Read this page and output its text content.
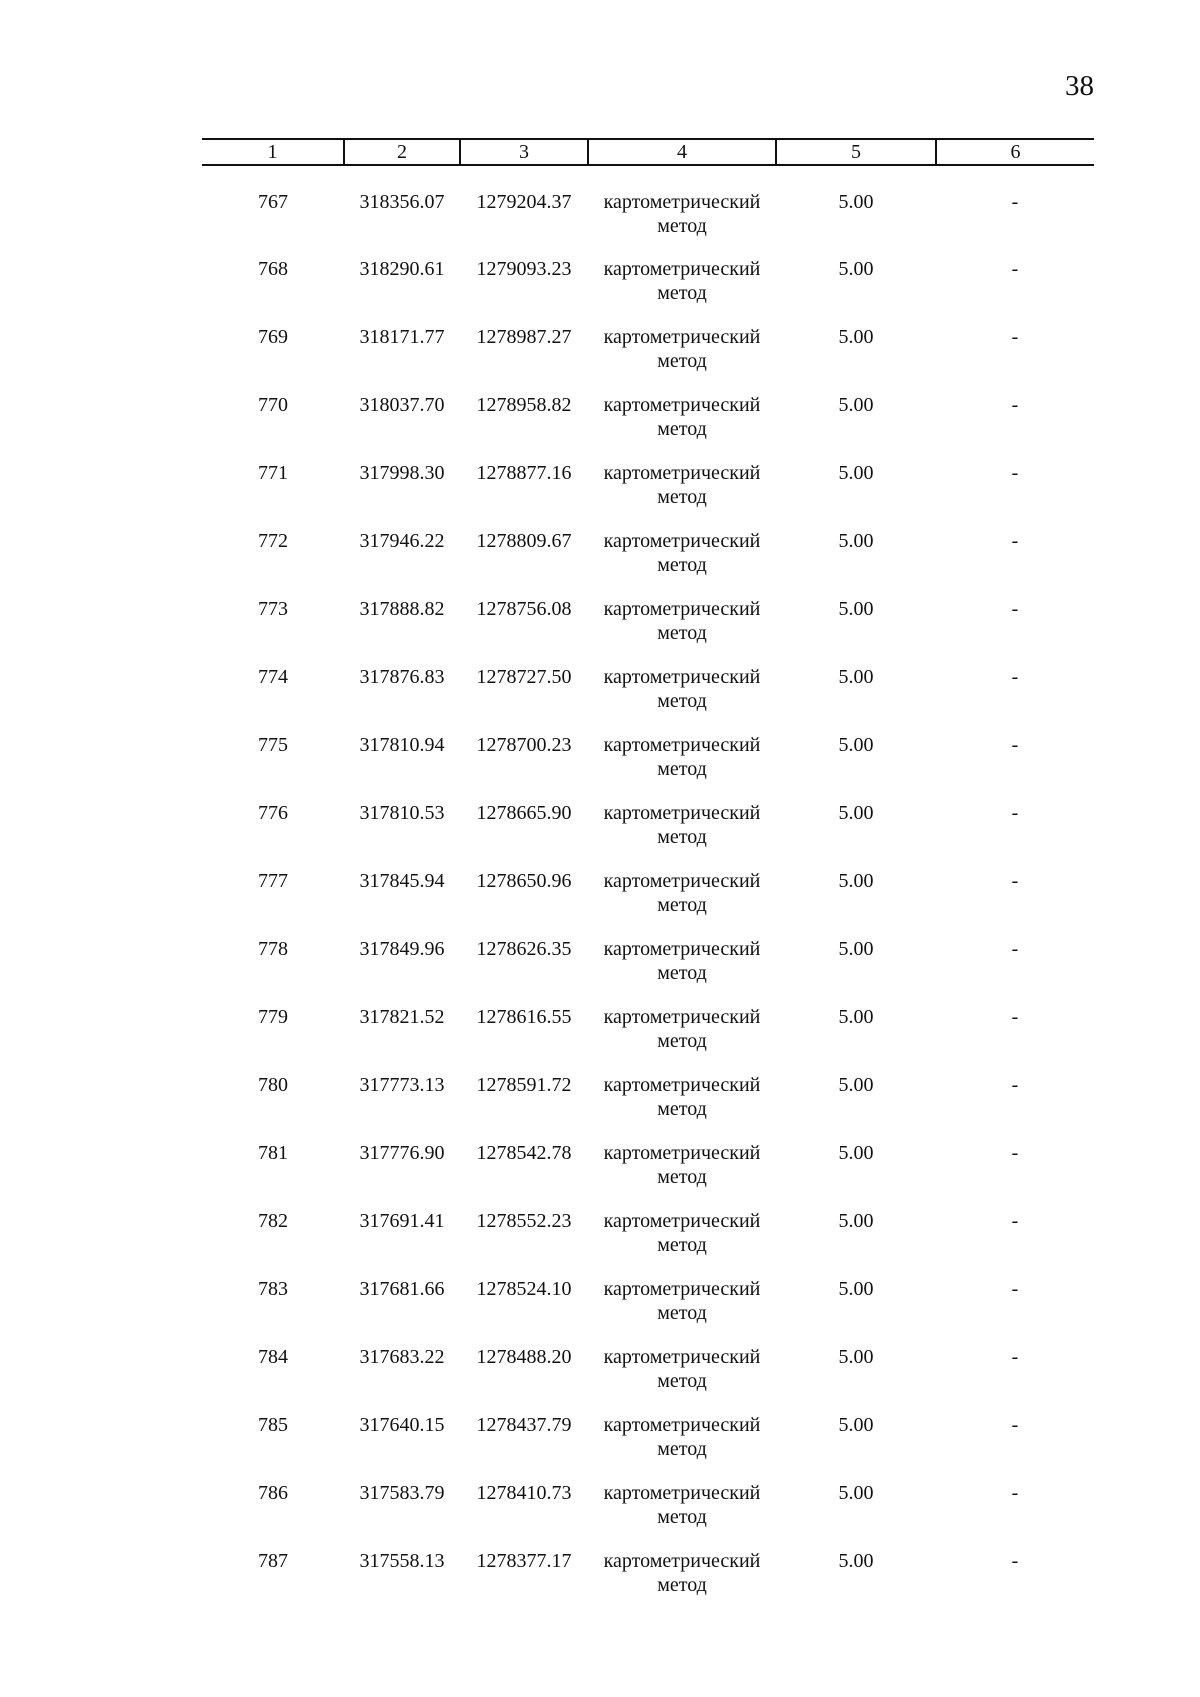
38
1	2	3	4	5	6
767	318356.07	1279204.37	картометрический
метод	5.00	-
768	318290.61	1279093.23	картометрический
метод	5.00	-
769	318171.77	1278987.27	картометрический
метод	5.00	-
770	318037.70	1278958.82	картометрический
метод	5.00	-
771	317998.30	1278877.16	картометрический
метод	5.00	-
772	317946.22	1278809.67	картометрический
метод	5.00	-
773	317888.82	1278756.08	картометрический
метод	5.00	-
774	317876.83	1278727.50	картометрический
метод	5.00	-
775	317810.94	1278700.23	картометрический
метод	5.00	-
776	317810.53	1278665.90	картометрический
метод	5.00	-
777	317845.94	1278650.96	картометрический
метод	5.00	-
778	317849.96	1278626.35	картометрический
метод	5.00	-
779	317821.52	1278616.55	картометрический
метод	5.00	-
780	317773.13	1278591.72	картометрический
метод	5.00	-
781	317776.90	1278542.78	картометрический
метод	5.00	-
782	317691.41	1278552.23	картометрический
метод	5.00	-
783	317681.66	1278524.10	картометрический
метод	5.00	-
784	317683.22	1278488.20	картометрический
метод	5.00	-
785	317640.15	1278437.79	картометрический
метод	5.00	-
786	317583.79	1278410.73	картометрический
метод	5.00	-
787	317558.13	1278377.17	картометрический
метод	5.00	-
